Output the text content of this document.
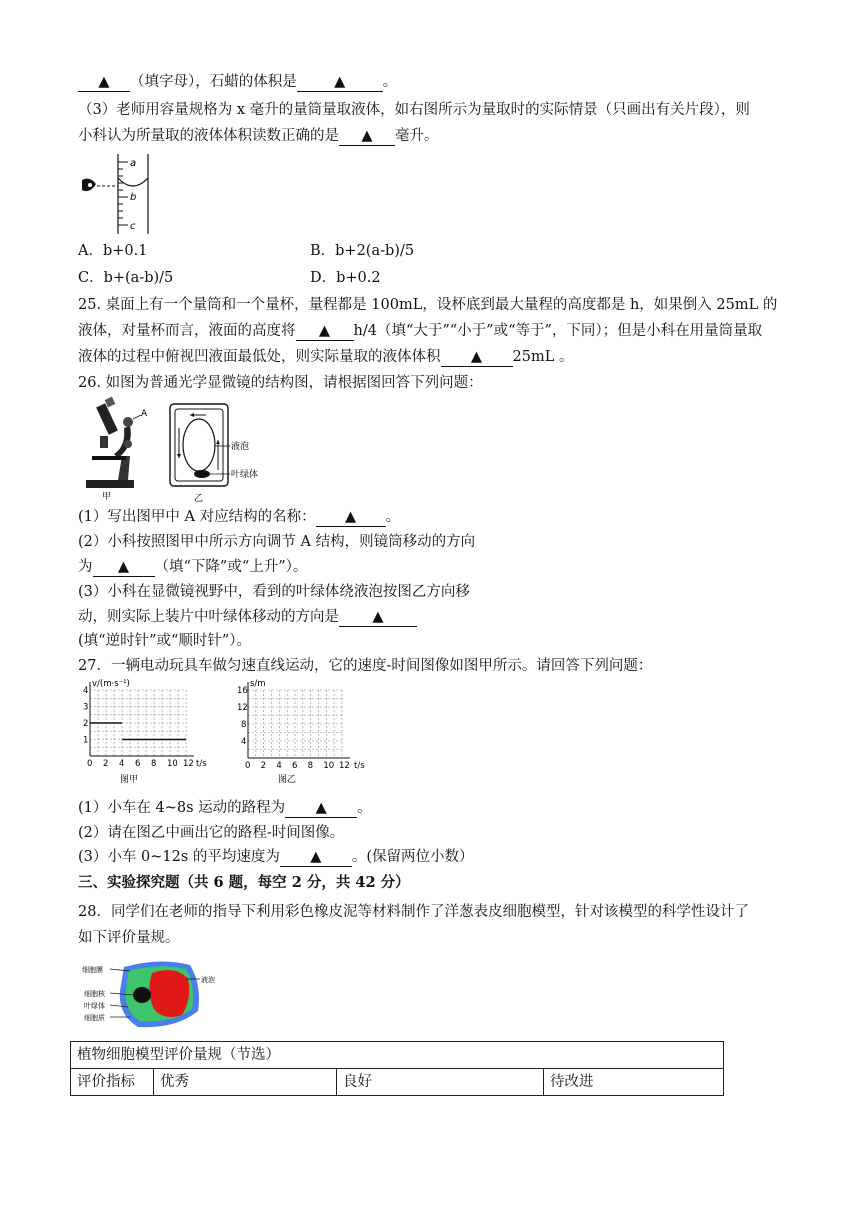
▲ （填字母），石蜡的体积是	▲	。
（3）老师用容量规格为 x 毫升的量筒量取液体，如右图所示为量取时的实际情景（只画出有关片段），则
小科认为所量取的液体体积读数正确的是 ▲ 毫升。
a
b
c
A．b+0.1	B．b+2(a-b)/5
C．b+(a-b)/5	D．b+0.2
25. 桌面上有一个量筒和一个量杯，量程都是 100mL，设杯底到最大量程的高度都是 h，如果倒入 25mL 的
液体，对量杯而言，液面的高度将 ▲ h/4（填“大于”“小于”或“等于”，下同）；但是小科在用量筒量取
液体的过程中俯视凹液面最低处，则实际量取的液体体积 ▲ 25mL 。
26. 如图为普通光学显微镜的结构图，请根据图回答下列问题：
A
甲
液泡
叶绿体
乙
(1）写出图甲中 A 对应结构的名称： ▲ 。
(2）小科按照图甲中所示方向调节 A 结构，则镜筒移动的方向
为 ▲ （填“下降”或“上升”）。
(3）小科在显微镜视野中，看到的叶绿体绕液泡按图乙方向移
动，则实际上装片中叶绿体移动的方向是 ▲
(填“逆时针”或“顺时针”）。
27．一辆电动玩具车做匀速直线运动，它的速度-时间图像如图甲所示。请回答下列问题：
v/(m·s⁻¹)
t/s
0 2 4 6 8 10 12
1
2
3
4
图甲
s/m
t/s
0 2 4 6 8 10 12
4
8
12
16
图乙
(1）小车在 4~8s 运动的路程为 ▲ 。
(2）请在图乙中画出它的路程-时间图像。
(3）小车 0~12s 的平均速度为 ▲ 。(保留两位小数）
三、实验探究题（共 6 题，每空 2 分，共 42 分）
28．同学们在老师的指导下利用彩色橡皮泥等材料制作了洋葱表皮细胞模型，针对该模型的科学性设计了
如下评价量规。
细胞膜
液泡
细胞核
叶绿体
细胞质
植物细胞模型评价量规（节选）
评价指标	优秀	良好	待改进
